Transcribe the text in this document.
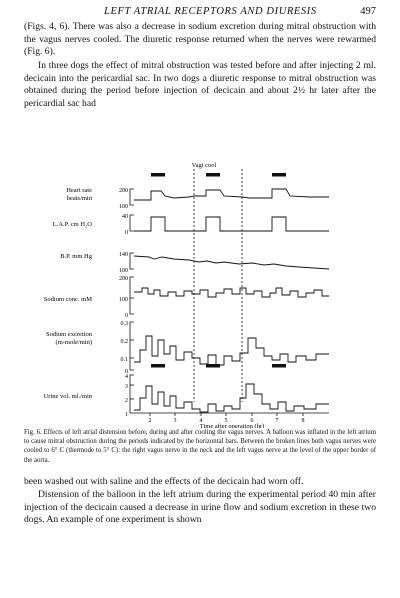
LEFT ATRIAL RECEPTORS AND DIURESIS	497

(Figs. 4, 6). There was also a decrease in sodium excretion during mitral obstruction with the vagus nerves cooled. The diuretic response returned when the nerves were rewarmed (Fig. 6).

In three dogs the effect of mitral obstruction was tested before and after injecting 2 ml. decicain into the pericardial sac. In two dogs a diuretic response to mitral obstruction was obtained during the period before injection of decicain and about 2½ hr later after the pericardial sac had

Vagi cool
Heart rate
beats/min
L.A.P. cm H₂O
B.P. mm Hg
Sodium conc. mM
Sodium excretion
(m-mole/min)
Urine vol. ml./min
200
100
40
0
140
100
200
100
0
0.3
0.2
0.1
0
4
3
2
1
2	3	4	5	6	7	8
Time after operation (hr)

Fig. 6. Effects of left atrial distension before, during and after cooling the vagus nerves. A balloon was inflated in the left atrium to cause mitral obstruction during the periods indicated by the horizontal bars. Between the broken lines both vagus nerves were cooled to 6° C (thermode to 5° C): the right vagus nerve in the neck and the left vagus nerve at the level of the upper border of the aorta.

been washed out with saline and the effects of the decicain had worn off.

Distension of the balloon in the left atrium during the experimental period 40 min after injection of the decicain caused a decrease in urine flow and sodium excretion in these two dogs. An example of one experiment is shown
